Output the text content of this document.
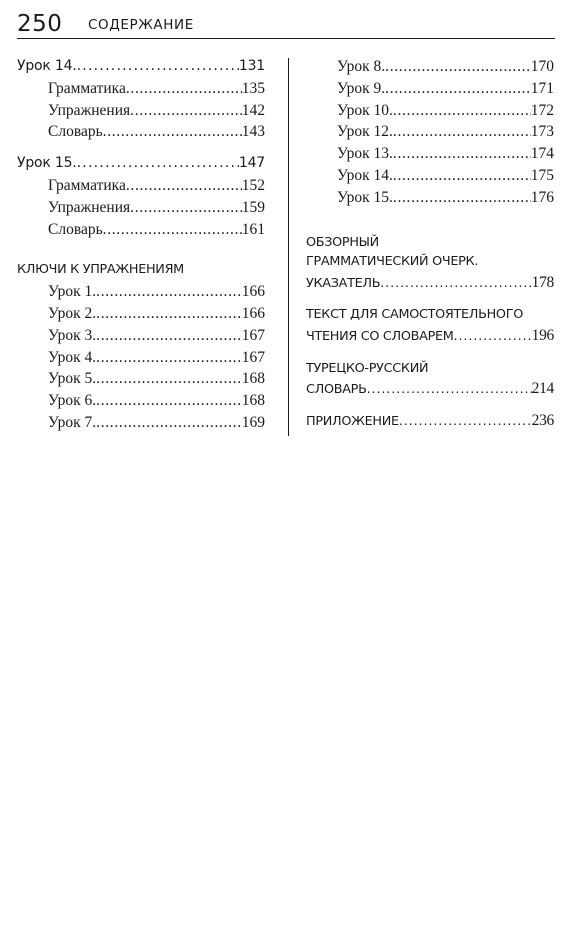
250 СОДЕРЖАНИЕ
Урок 14. . . .	131
Грамматика . . .	135
Упражнения . . .	142
Словарь . . .	143
Урок 15. . . .	147
Грамматика . . .	152
Упражнения . . .	159
Словарь . . .	161
КЛЮЧИ К УПРАЖНЕНИЯМ
Урок 1. . . .	166
Урок 2. . . .	166
Урок 3. . . .	167
Урок 4. . . .	167
Урок 5. . . .	168
Урок 6. . . .	168
Урок 7. . . .	169
Урок 8. . . .	170
Урок 9. . . .	171
Урок 10. . . .	172
Урок 12. . . .	173
Урок 13. . . .	174
Урок 14. . . .	175
Урок 15. . . .	176
ОБЗОРНЫЙ
ГРАММАТИЧЕСКИЙ ОЧЕРК.
УКАЗАТЕЛЬ . . .	178
ТЕКСТ ДЛЯ САМОСТОЯТЕЛЬНОГО
ЧТЕНИЯ СО СЛОВАРЕМ . . .	196
ТУРЕЦКО-РУССКИЙ
СЛОВАРЬ . . .	214
ПРИЛОЖЕНИЕ . . .	236
